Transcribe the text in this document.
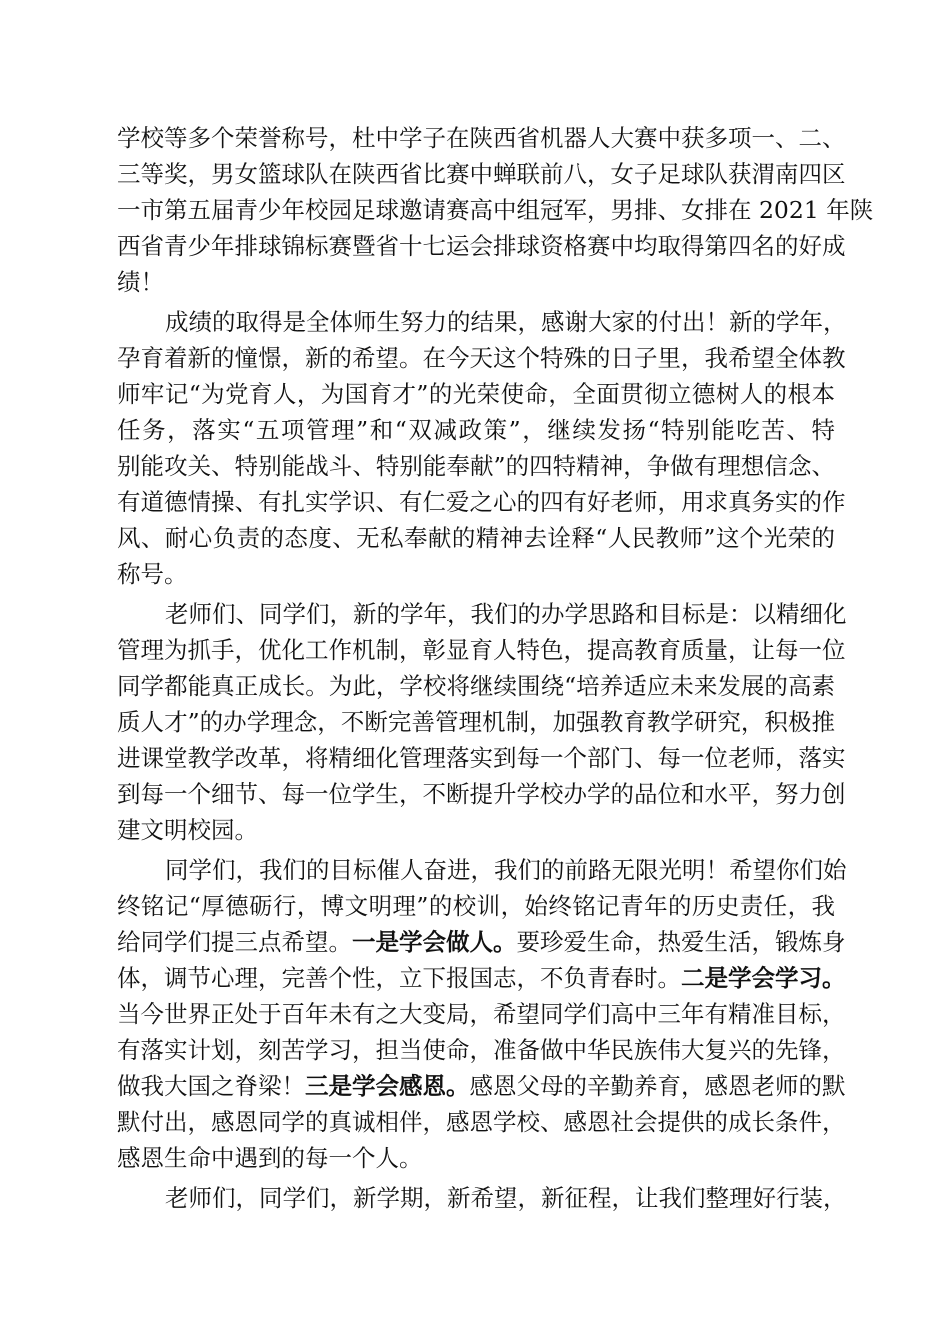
学校等多个荣誉称号，杜中学子在陕西省机器人大赛中获多项一、二、
三等奖，男女篮球队在陕西省比赛中蝉联前八，女子足球队获渭南四区
一市第五届青少年校园足球邀请赛高中组冠军，男排、女排在 2021 年陕
西省青少年排球锦标赛暨省十七运会排球资格赛中均取得第四名的好成
绩！
成绩的取得是全体师生努力的结果，感谢大家的付出！新的学年，
孕育着新的憧憬，新的希望。在今天这个特殊的日子里，我希望全体教
师牢记“为党育人，为国育才”的光荣使命，全面贯彻立德树人的根本
任务，落实“五项管理”和“双减政策”，继续发扬“特别能吃苦、特
别能攻关、特别能战斗、特别能奉献”的四特精神，争做有理想信念、
有道德情操、有扎实学识、有仁爱之心的四有好老师，用求真务实的作
风、耐心负责的态度、无私奉献的精神去诠释“人民教师”这个光荣的
称号。
老师们、同学们，新的学年，我们的办学思路和目标是：以精细化
管理为抓手，优化工作机制，彰显育人特色，提高教育质量，让每一位
同学都能真正成长。为此，学校将继续围绕“培养适应未来发展的高素
质人才”的办学理念，不断完善管理机制，加强教育教学研究，积极推
进课堂教学改革，将精细化管理落实到每一个部门、每一位老师，落实
到每一个细节、每一位学生，不断提升学校办学的品位和水平，努力创
建文明校园。
同学们，我们的目标催人奋进，我们的前路无限光明！希望你们始
终铭记“厚德砺行，博文明理”的校训，始终铭记青年的历史责任，我
给同学们提三点希望。一是学会做人。要珍爱生命，热爱生活，锻炼身
体，调节心理，完善个性，立下报国志，不负青春时。二是学会学习。
当今世界正处于百年未有之大变局，希望同学们高中三年有精准目标，
有落实计划，刻苦学习，担当使命，准备做中华民族伟大复兴的先锋，
做我大国之脊梁！三是学会感恩。感恩父母的辛勤养育，感恩老师的默
默付出，感恩同学的真诚相伴，感恩学校、感恩社会提供的成长条件，
感恩生命中遇到的每一个人。
老师们，同学们，新学期，新希望，新征程，让我们整理好行装，
